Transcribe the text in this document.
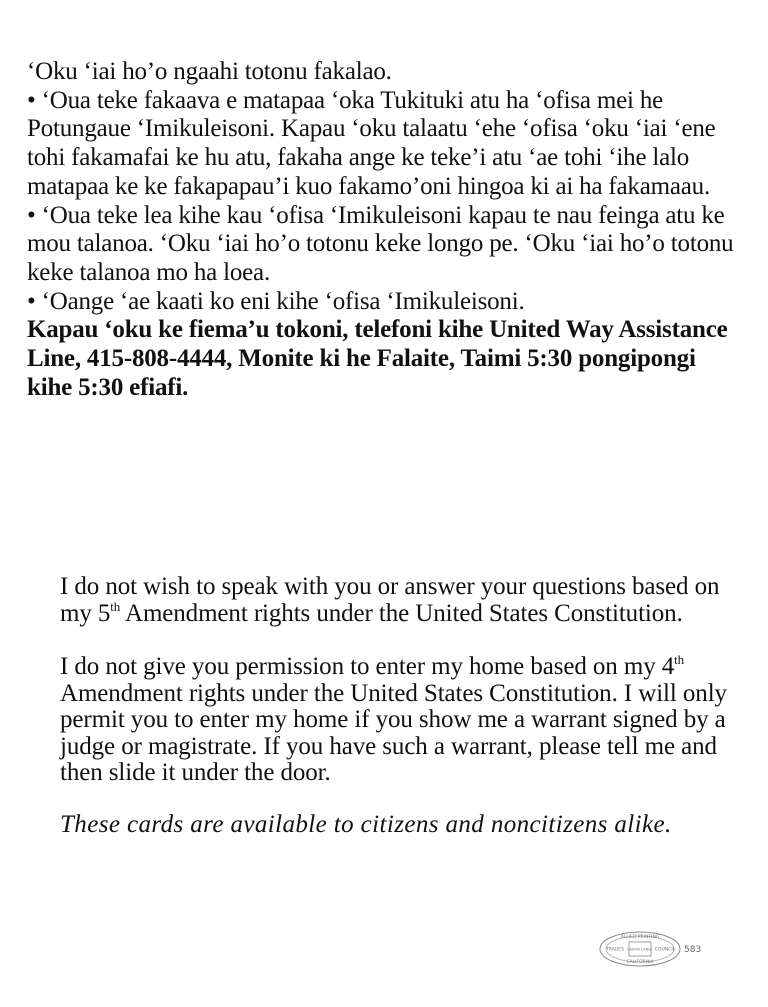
‘Oku ‘iai ho’o ngaahi totonu fakalao.

• ‘Oua teke fakaava e matapaa ‘oka Tukituki atu ha ‘ofisa mei he Potungaue ‘Imikuleisoni. Kapau ‘oku talaatu ‘ehe ‘ofisa ‘oku ‘iai ‘ene tohi fakamafai ke hu atu, fakaha ange ke teke’i atu ‘ae tohi ‘ihe lalo matapaa ke ke fakapapau’i kuo fakamo’oni hingoa ki ai ha fakamaau.

• ‘Oua teke lea kihe kau ‘ofisa ‘Imikuleisoni kapau te nau feinga atu ke mou talanoa. ‘Oku ‘iai ho’o totonu keke longo pe. ‘Oku ‘iai ho’o totonu keke talanoa mo ha loea.

• ‘Oange ‘ae kaati ko eni kihe ‘ofisa ‘Imikuleisoni.

Kapau ‘oku ke fiema’u tokoni, telefoni kihe United Way Assistance Line, 415-808-4444, Monite ki he Falaite, Taimi 5:30 pongipongi kihe 5:30 efiafi.

I do not wish to speak with you or answer your questions based on my 5th Amendment rights under the United States Constitution.

I do not give you permission to enter my home based on my 4th Amendment rights under the United States Constitution. I will only permit you to enter my home if you show me a warrant signed by a judge or magistrate. If you have such a warrant, please tell me and then slide it under the door.

These cards are available to citizens and noncitizens alike.

ALLIED PRINTING
TRADES UNION LABEL COUNCIL
CALIFORNIA
583
